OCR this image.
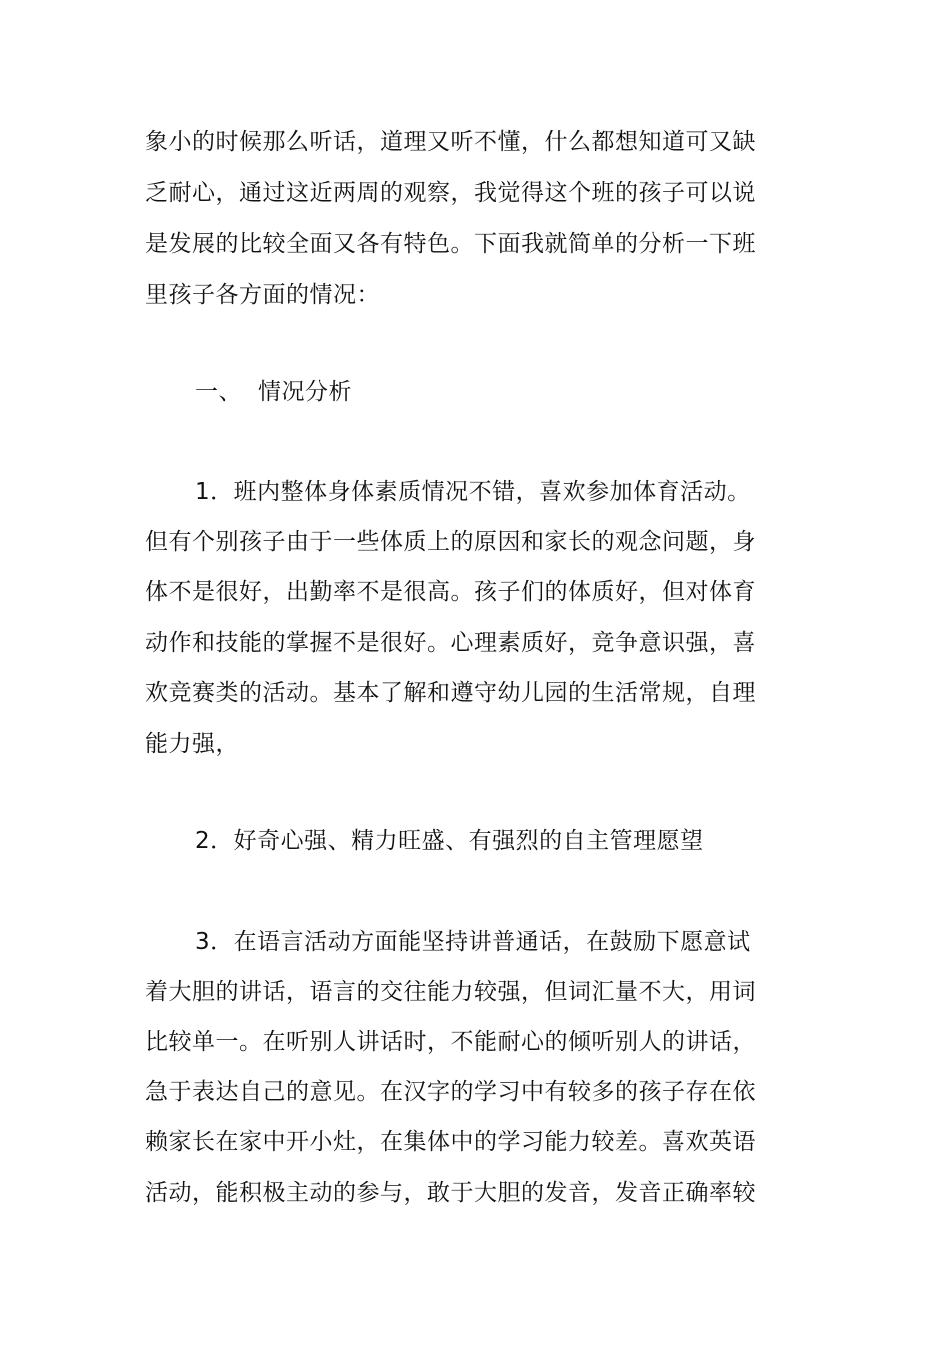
象小的时候那么听话，道理又听不懂，什么都想知道可又缺
乏耐心，通过这近两周的观察，我觉得这个班的孩子可以说
是发展的比较全面又各有特色。下面我就简单的分析一下班
里孩子各方面的情况：
一、 情况分析
1．班内整体身体素质情况不错，喜欢参加体育活动。
但有个别孩子由于一些体质上的原因和家长的观念问题，身
体不是很好，出勤率不是很高。孩子们的体质好，但对体育
动作和技能的掌握不是很好。心理素质好，竞争意识强，喜
欢竞赛类的活动。基本了解和遵守幼儿园的生活常规，自理
能力强，
2．好奇心强、精力旺盛、有强烈的自主管理愿望
3．在语言活动方面能坚持讲普通话，在鼓励下愿意试
着大胆的讲话，语言的交往能力较强，但词汇量不大，用词
比较单一。在听别人讲话时，不能耐心的倾听别人的讲话，
急于表达自己的意见。在汉字的学习中有较多的孩子存在依
赖家长在家中开小灶，在集体中的学习能力较差。喜欢英语
活动，能积极主动的参与，敢于大胆的发音，发音正确率较
